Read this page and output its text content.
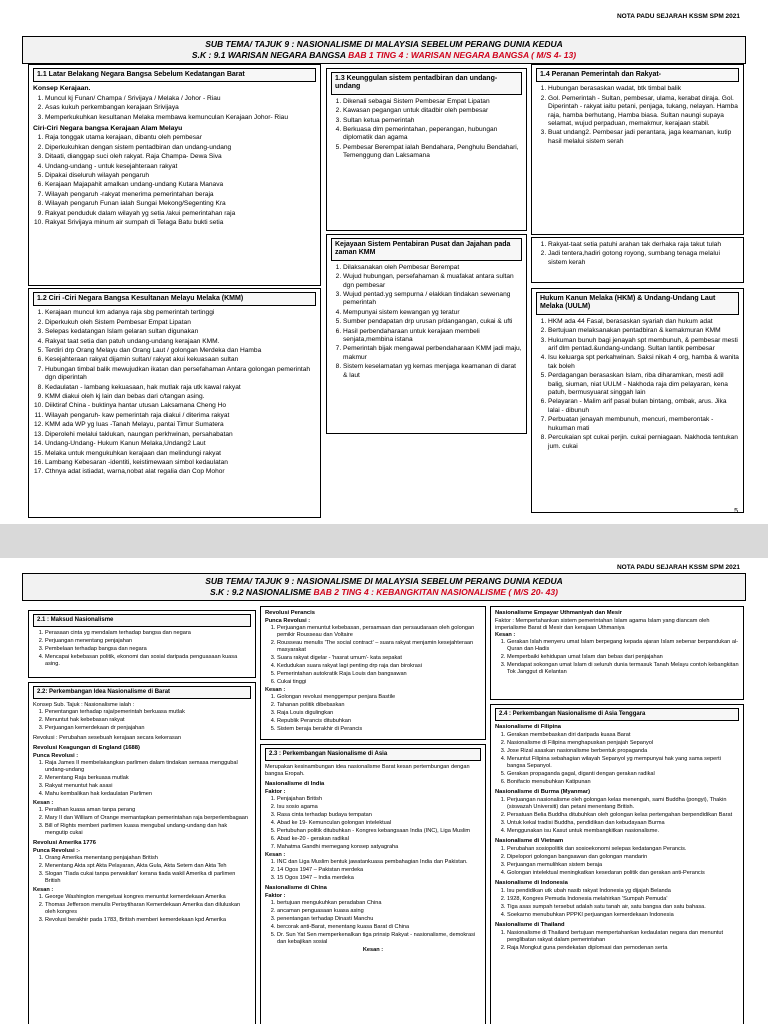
NOTA PADU SEJARAH KSSM SPM 2021
SUB TEMA/ TAJUK 9 : NASIONALISME DI MALAYSIA SEBELUM PERANG DUNIA KEDUA
S.K : 9.1 WARISAN NEGARA BANGSA BAB 1 TING 4 : WARISAN NEGARA BANGSA ( M/S 4- 13)
1.1 Latar Belakang Negara Bangsa Sebelum Kedatangan Barat
Konsep Kerajaan.
1. Muncul kj Funan/ Champa / Srivijaya / Melaka / Johor - Riau
2. Asas kukuh perkembangan kerajaan Srivijaya
3. Memperkukuhkan kesultanan Melaka membawa kemunculan Kerajaan Johor- Riau
Ciri-Ciri Negara bangsa Kerajaan Alam Melayu
1. Raja tonggak utama kerajaan, dibantu oleh pembesar
2. Diperkukuhkan dengan sistem pentadbiran dan undang-undang
3. Ditaati, dianggap suci oleh rakyat. Raja Champa- Dewa Siva
4. Undang-undang - untuk kesejahteraan rakyat
5. Dipakai diseluruh wilayah pengaruh
6. Kerajaan Majapahit amalkan undang-undang Kutara Manava
7. Wilayah pengaruh -rakyat menerima pemerintahan beraja
8. Wilayah pengaruh Funan ialah Sungai Mekong/Segenting Kra
9. Rakyat penduduk dalam wilayah yg setia /akui pemerintahan raja
10. Rakyat Srivijaya minum air sumpah di Telaga Batu bukti setia
1.2 Ciri -Ciri Negara Bangsa Kesultanan Melayu Melaka (KMM)
1. Kerajaan muncul krn adanya raja sbg pemerintah tertinggi
2. Diperkukuh oleh Sistem Pembesar Empat Lipatan
3. Selepas kedatangan Islam gelaran sultan digunakan
4. Rakyat taat setia dan patuh undang-undang kerajaan KMM.
5. Terdiri drp Orang Melayu dan Orang Laut / golongan Merdeka dan Hamba
6. Kesejahteraan rakyat dijamin sultan/ rakyat akui kekuasaan sultan
7. Hubungan timbal balik mewujudkan ikatan dan persefahaman Antara golongan pemerintah dgn diperintah
8. Kedaulatan - lambang kekuasaan, hak mutlak raja utk kawal rakyat
9. KMM diakui oleh kj lain dan bebas dari c/tangan asing.
10. Diiktiraf China - buktinya hantar utusan Laksamana Cheng Ho
11. Wilayah pengaruh- kaw pemerintah raja diakui / diterima rakyat
12. KMM ada WP yg luas -Tanah Melayu, pantai Timur Sumatera
13. Diperolehi melalui taklukan, naungan perkhwinan, persahabatan
14. Undang-Undang- Hukum Kanun Melaka,Undang2 Laut
15. Melaka untuk mengukuhkan kerajaan dan melindungi rakyat
16. Lambang Kebesaran -identiti, keistimewaan simbol kedaulatan
17. Cthnya adat istiadat, warna,nobat alat regalia dan Cop Mohor
1.3 Keunggulan sistem pentadbiran dan undang-undang
1. Dikenali sebagai Sistem Pembesar Empat Lipatan
2. Kawasan pegangan untuk ditadbir oleh pembesar
3. Sultan ketua pemerintah
4. Berkuasa dlm pemerintahan, peperangan, hubungan diplomatik dan agama
5. Pembesar Berempat ialah Bendahara, Penghulu Bendahari, Temenggung dan Laksamana
Kejayaan Sistem Pentabiran Pusat dan Jajahan pada zaman KMM
1. Dilaksanakan oleh Pembesar Berempat
2. Wujud hubungan, persefahaman & muafakat antara sultan dgn pembesar
3. Wujud pentad.yg sempurna / elakkan tindakan sewenang pemerintah
4. Mempunyai sistem kewangan yg teratur
5. Sumber pendapatan drp urusan p/dangangan, cukai & ufti
6. Hasil perbendaharaan untuk kerajaan membeli senjata,membina istana
7. Pemerintah bijak mengawal perbendaharaan KMM jadi maju, makmur
8. Sistem keselamatan yg kemas menjaga keamanan di darat & laut
1.4 Peranan Pemerintah dan Rakyat-
1. Hubungan berasaskan wadat, btk timbal balik
2. Gol. Pemerintah - Sultan, pembesar, ulama, kerabat diraja. Gol. Diperintah - rakyat iaitu petani, penjaga, tukang, nelayan. Hamba raja, hamba berhutang, Hamba biasa. Sultan naungi supaya selamat, wujud perpaduan, memakmur, kerajaan stabil.
3. Buat undang2. Pembesar jadi perantara, jaga keamanan, kutip hasil melalui sistem serah
1. Rakyat-taat setia patuhi arahan tak derhaka raja takut tulah
2. Jadi tentera,hadiri gotong royong, sumbang tenaga melalui sistem kerah
Hukum Kanun Melaka (HKM) & Undang-Undang Laut Melaka (UULM)
1. HKM ada 44 Fasal, berasaskan syariah dan hukum adat
2. Bertujuan melaksanakan pentadbiran & kemakmuran KMM
3. Hukuman bunuh bagi jenayah spt membunuh, & pembesar mesti arif dlm pentad.&undang-undang. Sultan lantik pembesar
4. Isu keluarga spt perkahwinan. Saksi nikah 4 org, hamba & wanita tak boleh
5. Perdagangan berasaskan Islam, riba diharamkan, mesti adil balig, siuman, niat UULM - Nakhoda raja dim pelayaran, kena patuh, bermusyuarat singgah lain
6. Pelayaran - Malim arif pasal bulan bintang, ombak, arus. Jika lalai - dibunuh
7. Perbuatan jenayah membunuh, mencuri, memberontak - hukuman mati
8. Percukaian spt cukai perjin. cukai perniagaan. Nakhoda tentukan jum. cukai
5
NOTA PADU SEJARAH KSSM SPM 2021
SUB TEMA/ TAJUK 9 : NASIONALISME DI MALAYSIA SEBELUM PERANG DUNIA KEDUA
S.K : 9.2 NASIONALISME BAB 2 TING 4 : KEBANGKITAN NASIONALISME ( M/S 20- 43)
2.1 : Maksud Nasionalisme
1. Perasaan cinta yg mendalam terhadap bangsa dan negara
2. Perjuangan menentang penjajahan
3. Pembelaan terhadap bangsa dan negara
4. Mencapai kebebasan politik, ekonomi dan sosial daripada penguasaan kuasa asing.
2.2: Perkembangan Idea Nasionalisme di Barat
Konsep Sub. Tajuk : Nasionalisme ialah :
1. Penentangan terhadap raja/pemerintah berkuasa mutlak
2. Menuntut hak kebebasan rakyat
3. Perjuangan kemerdekaan dr penjajahan
Revolusi : Perubahan sesebuah kerajaan secara kekerasan
Revolusi Keagungan di England (1688)
Punca Revolusi :
1. Raja James II membelakangkan parlimen dalam tindakan semasa menggubal undang-undang
2. Menentang Raja berkuasa mutlak
3. Rakyat menuntut hak asasi
4. Mahu kembalikan hak kedaulatan Parlimen
Kesan :
1. Peralihan kuasa aman tanpa perang
2. Mary II dan William of Orange memantapkan pemerintahan raja berperlembagaan
3. Bill of Rights memberi parlimen kuasa mengubal undang-undang dan hak mengutip cukai
Revolusi Amerika 1776
Punca Revolusi :-
1. Orang Amerika menentang penjajahan British
2. Menentang Akta spt Akta Pelayaran, Akta Gula, Akta Setem dan Akta Teh
3. Slogan 'Tiada cukai tanpa perwakilan' kerana tiada wakil Amerika di parlimen British
Kesan :
1. George Washington mengetuai kongres menuntut kemerdekaan Amerika
2. Thomas Jefferson menulis Perisytiharan Kemerdekaan Amerika dan diluluskan oleh kongres
3. Revolusi berakhir pada 1783, British memberi kemerdekaan kpd Amerika
Revolusi Perancis
Punca Revolusi :
1. Perjuangan menuntut kebebasan, persamaan dan persaudaraan oleh golongan pemikir Rousseau dan Voltaire
2. Rousseau menulis 'The social contract' – suara rakyat menjamin kesejahteraan masyarakat
3. Suara rakyat digelar - 'hasrat umum'- kata sepakat
4. Kedudukan suara rakyat lagi penting drp raja dan birokrasi
5. Pemerintahan autokratik Raja Louis dan bangsawan
6. Cukai tinggi
Kesan :
1. Golongan revolusi menggempur penjara Bastile
2. Tahanan politik dibebaskan
3. Raja Louis digulingkan
4. Republik Perancis ditubuhkan
5. Sistem beraja berakhir di Perancis
2.3 : Perkembangan Nasionalisme di Asia
Merupakan kesinambungan idea nasionalisme Barat kesan pertembungan dengan bangsa Eropah.
Nasionalisme di India
Faktor :
1. Penjajahan British
2. Isu sosio agama
3. Rasa cinta terhadap budaya tempatan
4. Abad ke 19- Kemunculan golongan intelektual
5. Pertubuhan politik ditubuhkan - Kongres kebangsaan India (INC), Liga Muslim
6. Abad ke-20 - gerakan radikal
7. Mahatma Gandhi memegang konsep satyagraha
Kesan :
1. INC dan Liga Muslim bentuk jawatankuasa pembahagian India dan Pakistan.
2. 14 Ogos 1947 – Pakistan merdeka
3. 15 Ogos 1947 – India merdeka
Nasionalisme di China
Faktor :
1. bertujuan mengukuhkan peradaban China
2. ancaman penguasaan kuasa asing
3. penentangan terhadap Dinasti Manchu
4. bercorak anti-Barat, menentang kuasa Barat di China
5. Dr. Sun Yat Sen memperkenalkan tiga prinsip Rakyat - nasionalisme, demokrasi dan kebajikan sosial
Kesan :
Nasionalisme Empayar Uthmaniyah dan Mesir
Faktor : Mempertahankan sistem pemerintahan Islam agama Islam yang diancam oleh imperialisme Barat di Mesir dan kerajaan Uthmaniya
Kesan :
1. Gerakan Islah menyeru umat Islam berpegang kepada ajaran Islam sebenar berpandukan al-Quran dan Hadis
2. Memperbaiki kehidupan umat Islam dan bebas dari penjajahan
3. Mendapat sokongan umat Islam di seluruh dunia termasuk Tanah Melayu contoh kebangkitan Tok Janggut di Kelantan
2.4 : Perkembangan Nasionalisme di Asia Tenggara
Nasionalisme di Filipina
1. Gerakan membebaskan diri daripada kuasa Barat
2. Nasionalisme di Filipina menghapuskan penjajah Sepanyol
3. Jose Rizal asaskan nasionalisme berbentuk propaganda
4. Menuntut Filipina sebahagian wilayah Sepanyol yg mempunyai hak yang sama seperti bangsa Sepanyol.
5. Gerakan propaganda gagal, diganti dengan gerakan radikal
6. Bonifacio menubuhkan Katipunan
Nasionalisme di Burma (Myanmar)
1. Perjuangan nasionalisme oleh golongan kelas menengah, sami Buddha (pongyi), Thakin (siswazah Universiti) dan petani menentang British.
2. Persatuan Belia Buddha ditubuhkan oleh golongan kelas pertengahan berpendidikan Barat
3. Untuk kekal tradisi Buddha, pendidikan dan kebudayaan Burma
4. Menggunakan isu Kasut untuk membangkitkan nasionalisme.
Nasionalisme di Vietnam
1. Perubahan sosiopolitik dan sosioekonomi selepas kedatangan Perancis.
2. Dipelopori golongan bangsawan dan golongan mandarin
3. Perjuangan memulihkan sistem beraja
4. Golongan intelektual meningkatkan kesedaran politik dan gerakan anti-Perancis
Nasionalisme di Indonesia
1. Isu pendidikan utk ubah nasib rakyat Indonesia yg dijajah Belanda
2. 1928, Kongres Pemuda Indonesia melahirkan 'Sumpah Pemuda'
3. Tiga asas sumpah tersebut adalah satu tanah air, satu bangsa dan satu bahasa.
4. Soekarno menubuhkan PPPKI perjuangan kemerdekaan Indonesia
Nasionalisme di Thailand
1. Nasionalisme di Thailand bertujuan mempertahankan kedaulatan negara dan menuntut penglibatan rakyat dalam pemerintahan
2. Raja Mongkut guna pendekatan diplomasi dan pemodenan serta
